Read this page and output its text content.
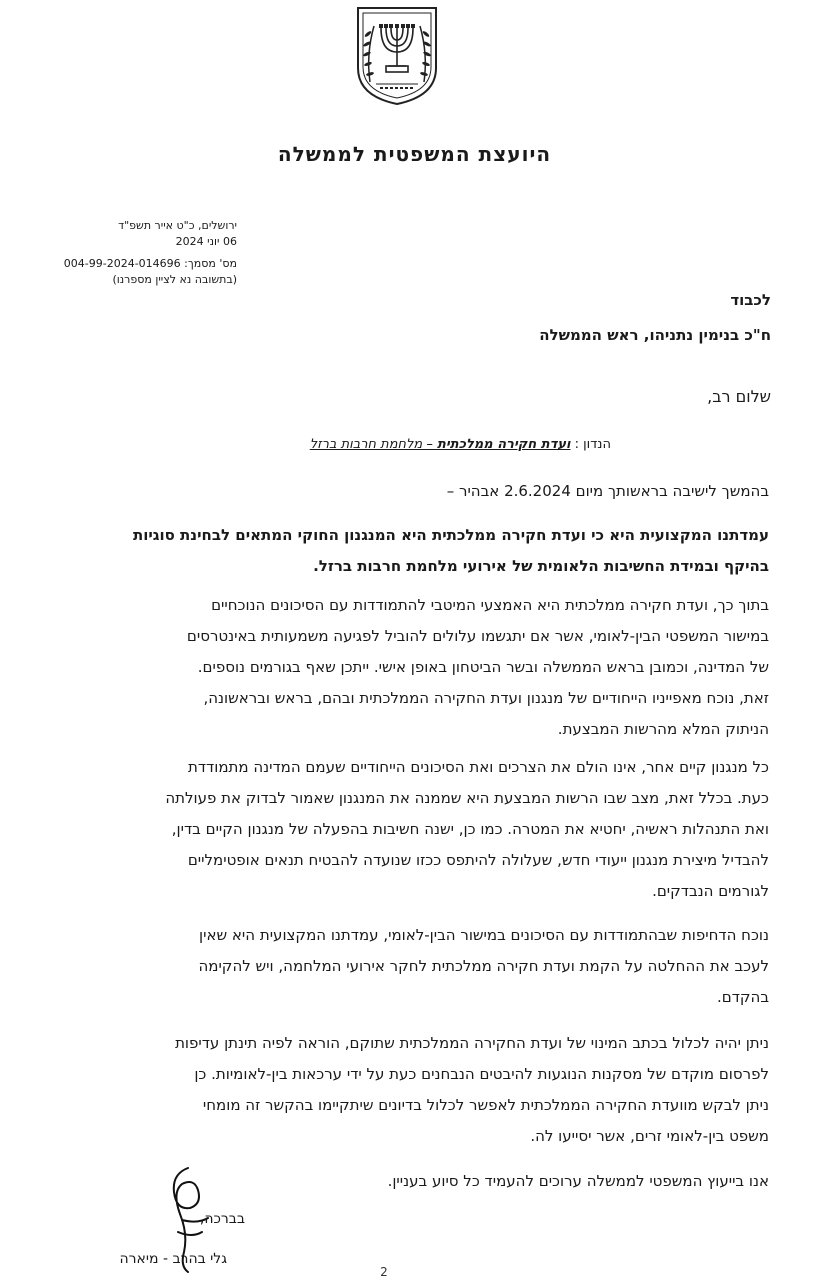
היועצת המשפטית לממשלה
ירושלים, כ"ט אייר תשפ"ד
06 יוני 2024
מס' מסמך: 004-99-2024-014696
(בתשובה נא לציין מספרנו)
לכבוד
ח"כ בנימין נתניהו, ראש הממשלה
שלום רב,
הנדון : ועדת חקירה ממלכתית – מלחמת חרבות ברזל
בהמשך לישיבה בראשותך מיום 2.6.2024 אבהיר –
עמדתנו המקצועית היא כי ועדת חקירה ממלכתית היא המנגנון החוקי המתאים לבחינת סוגיות
בהיקף ובמידת החשיבות הלאומית של אירועי מלחמת חרבות ברזל.
בתוך כך, ועדת חקירה ממלכתית היא האמצעי המיטבי להתמודדות עם הסיכונים הנוכחיים
במישור המשפטי הבין-לאומי, אשר אם יתגשמו עלולים להוביל לפגיעה משמעותית באינטרסים
של המדינה, וכמובן בראש הממשלה ובשר הביטחון באופן אישי. ייתכן שאף בגורמים נוספים.
זאת, נוכח מאפייניו הייחודיים של מנגנון ועדת החקירה הממלכתית ובהם, בראש ובראשונה,
הניתוק המלא מהרשות המבצעת.
כל מנגנון קיים אחר, אינו הולם את הצרכים ואת הסיכונים הייחודיים שעמם המדינה מתמודדת
כעת. בכלל זאת, מצב שבו הרשות המבצעת היא שממנה את המנגנון שאמור לבדוק את פעולתה
ואת התנהלות ראשיה, יחטיא את המטרה. כמו כן, ישנה חשיבות בהפעלה של מנגנון הקיים בדין,
להבדיל מיצירת מנגנון ייעודי חדש, שעלולה להיתפס ככזו שנועדה להבטיח תנאים אופטימליים
לגורמים הנבדקים.
נוכח הדחיפות שבהתמודדות עם הסיכונים במישור הבין-לאומי, עמדתנו המקצועית היא שאין
לעכב את ההחלטה על הקמת ועדת חקירה ממלכתית לחקר אירועי המלחמה, ויש להקימה
בהקדם.
ניתן יהיה לכלול בכתב המינוי של ועדת החקירה הממלכתית שתוקם, הוראה לפיה תינתן עדיפות
לפרסום מוקדם של מסקנות הנוגעות להיבטים הנבחנים כעת על ידי ערכאות בין-לאומיות. כן
ניתן לבקש מוועדת החקירה הממלכתית לאפשר לכלול בדיונים שיתקיימו בהקשר זה מומחי
משפט בין-לאומי זרים, אשר יסייעו לה.
אנו בייעוץ המשפטי לממשלה ערוכים להעמיד כל סיוע בעניין.
בברכה,
גלי בהרב - מיארה
2
